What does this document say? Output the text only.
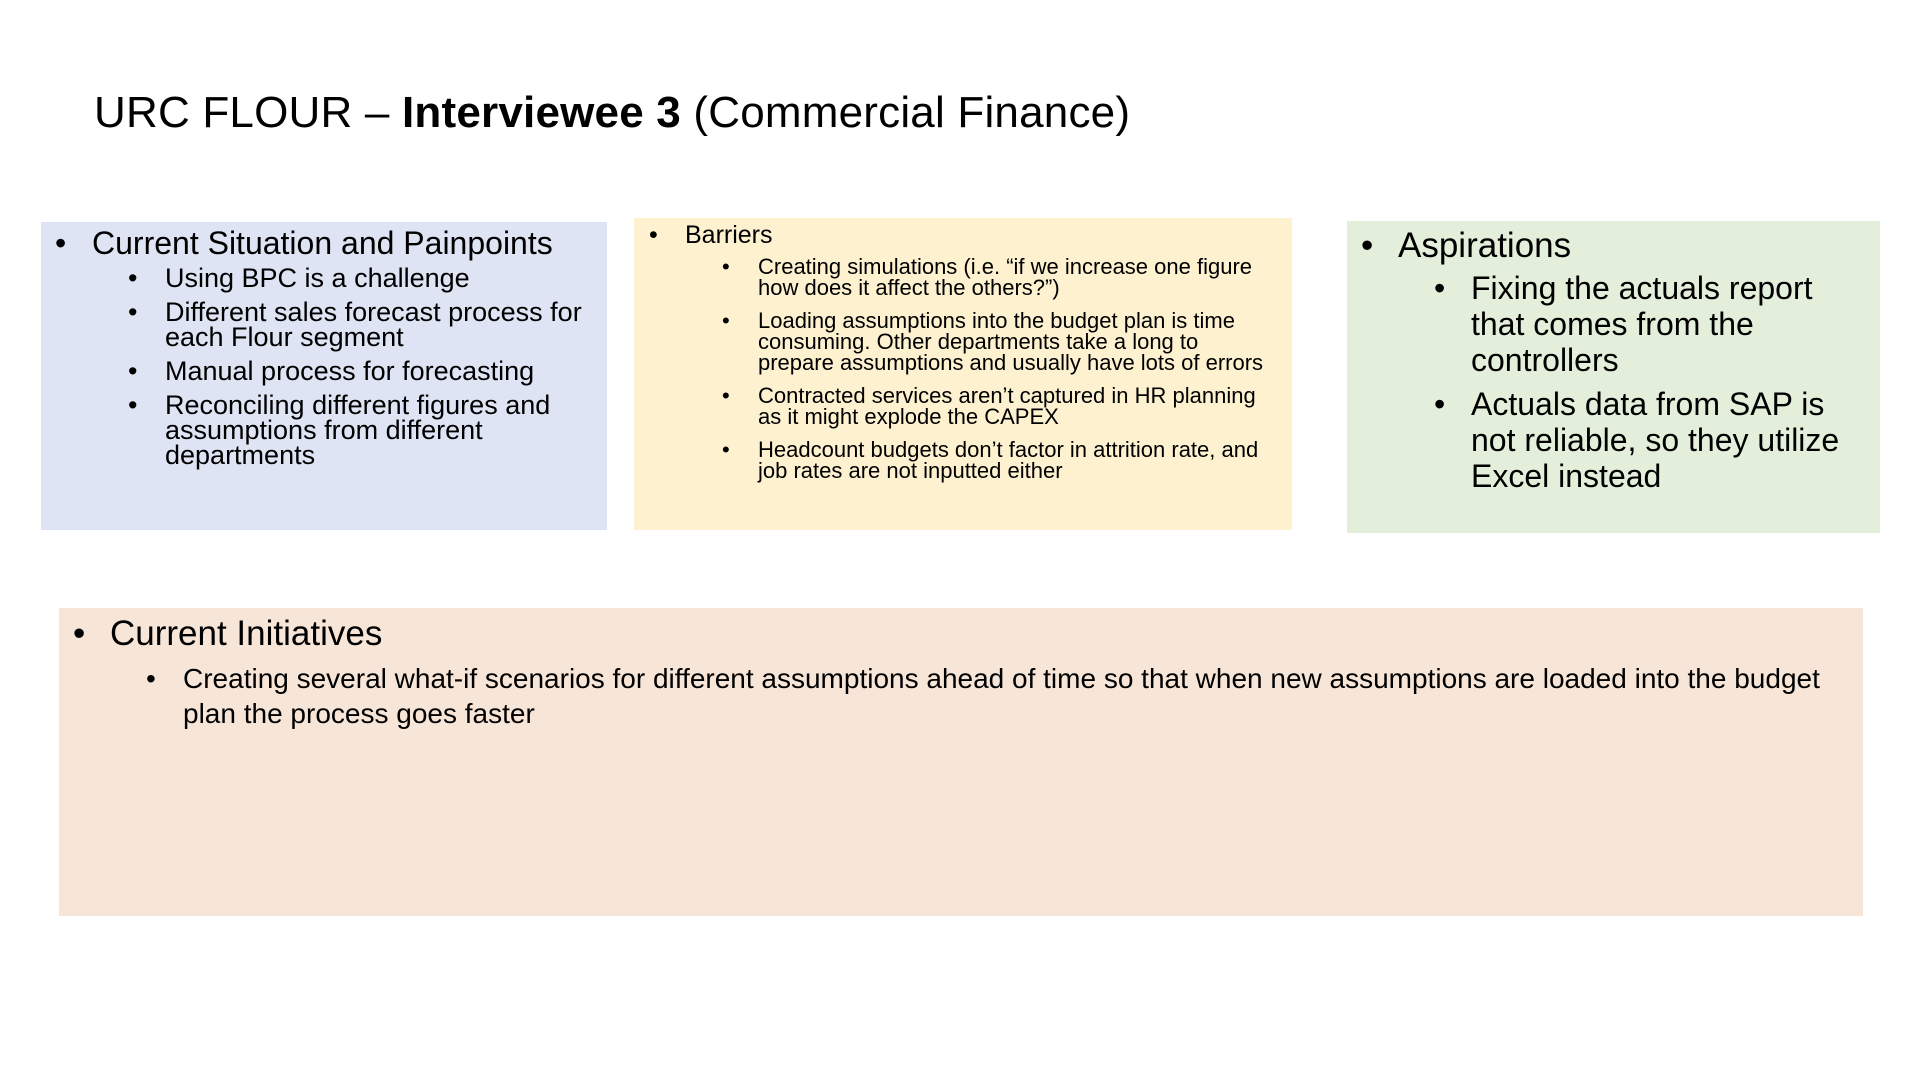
URC FLOUR – Interviewee 3 (Commercial Finance)
• Current Situation and Painpoints
• Using BPC is a challenge
• Different sales forecast process for each Flour segment
• Manual process for forecasting
• Reconciling different figures and assumptions from different departments
• Barriers
• Creating simulations (i.e. “if we increase one figure how does it affect the others?”)
• Loading assumptions into the budget plan is time consuming. Other departments take a long to prepare assumptions and usually have lots of errors
• Contracted services aren’t captured in HR planning as it might explode the CAPEX
• Headcount budgets don’t factor in attrition rate, and job rates are not inputted either
• Aspirations
• Fixing the actuals report that comes from the controllers
• Actuals data from SAP is not reliable, so they utilize Excel instead
• Current Initiatives
• Creating several what-if scenarios for different assumptions ahead of time so that when new assumptions are loaded into the budget plan the process goes faster
